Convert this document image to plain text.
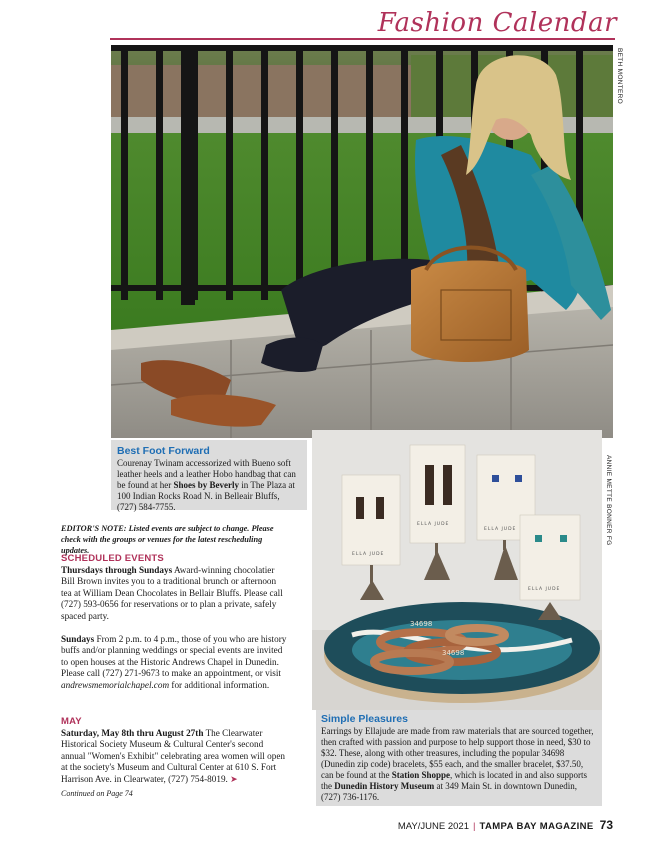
Fashion Calendar
BETH MONTERO
ELLA JUDE
ELLA JUDE
ELLA JUDE
ELLA JUDE
34698
34698
ANNIE METTE BONNER FG
Best Foot Forward
Courenay Twinam accessorized with Bueno soft leather heels and a leather Hobo handbag that can be found at her Shoes by Beverly in The Plaza at 100 Indian Rocks Road N. in Belleair Bluffs, (727) 584-7755.
EDITOR'S NOTE: Listed events are subject to change. Please check with the groups or venues for the latest rescheduling updates.
SCHEDULED EVENTS

Thursdays through Sundays Award-winning chocolatier Bill Brown invites you to a traditional brunch or afternoon tea at William Dean Chocolates in Bellair Bluffs. Please call (727) 593-0656 for reservations or to plan a private, safely spaced party.

Sundays From 2 p.m. to 4 p.m., those of you who are history buffs and/or planning weddings or special events are invited to open houses at the Historic Andrews Chapel in Dunedin. Please call (727) 271-9673 to make an appointment, or visit andrewsmemorialchapel.com for additional information.

MAY

Saturday, May 8th thru August 27th The Clearwater Historical Society Museum & Cultural Center's second annual "Women's Exhibit" celebrating area women will open at the society's Museum and Cultural Center at 610 S. Fort Harrison Ave. in Clearwater, (727) 754-8019. ➤

Continued on Page 74
Simple Pleasures
Earrings by Ellajude are made from raw materials that are sourced together, then crafted with passion and purpose to help support those in need, $30 to $32. These, along with other treasures, including the popular 34698 (Dunedin zip code) bracelets, $55 each, and the smaller bracelet, $37.50, can be found at the Station Shoppe, which is located in and also supports the Dunedin History Museum at 349 Main St. in downtown Dunedin, (727) 736-1176.
MAY/JUNE 2021 | TAMPA BAY MAGAZINE 73
